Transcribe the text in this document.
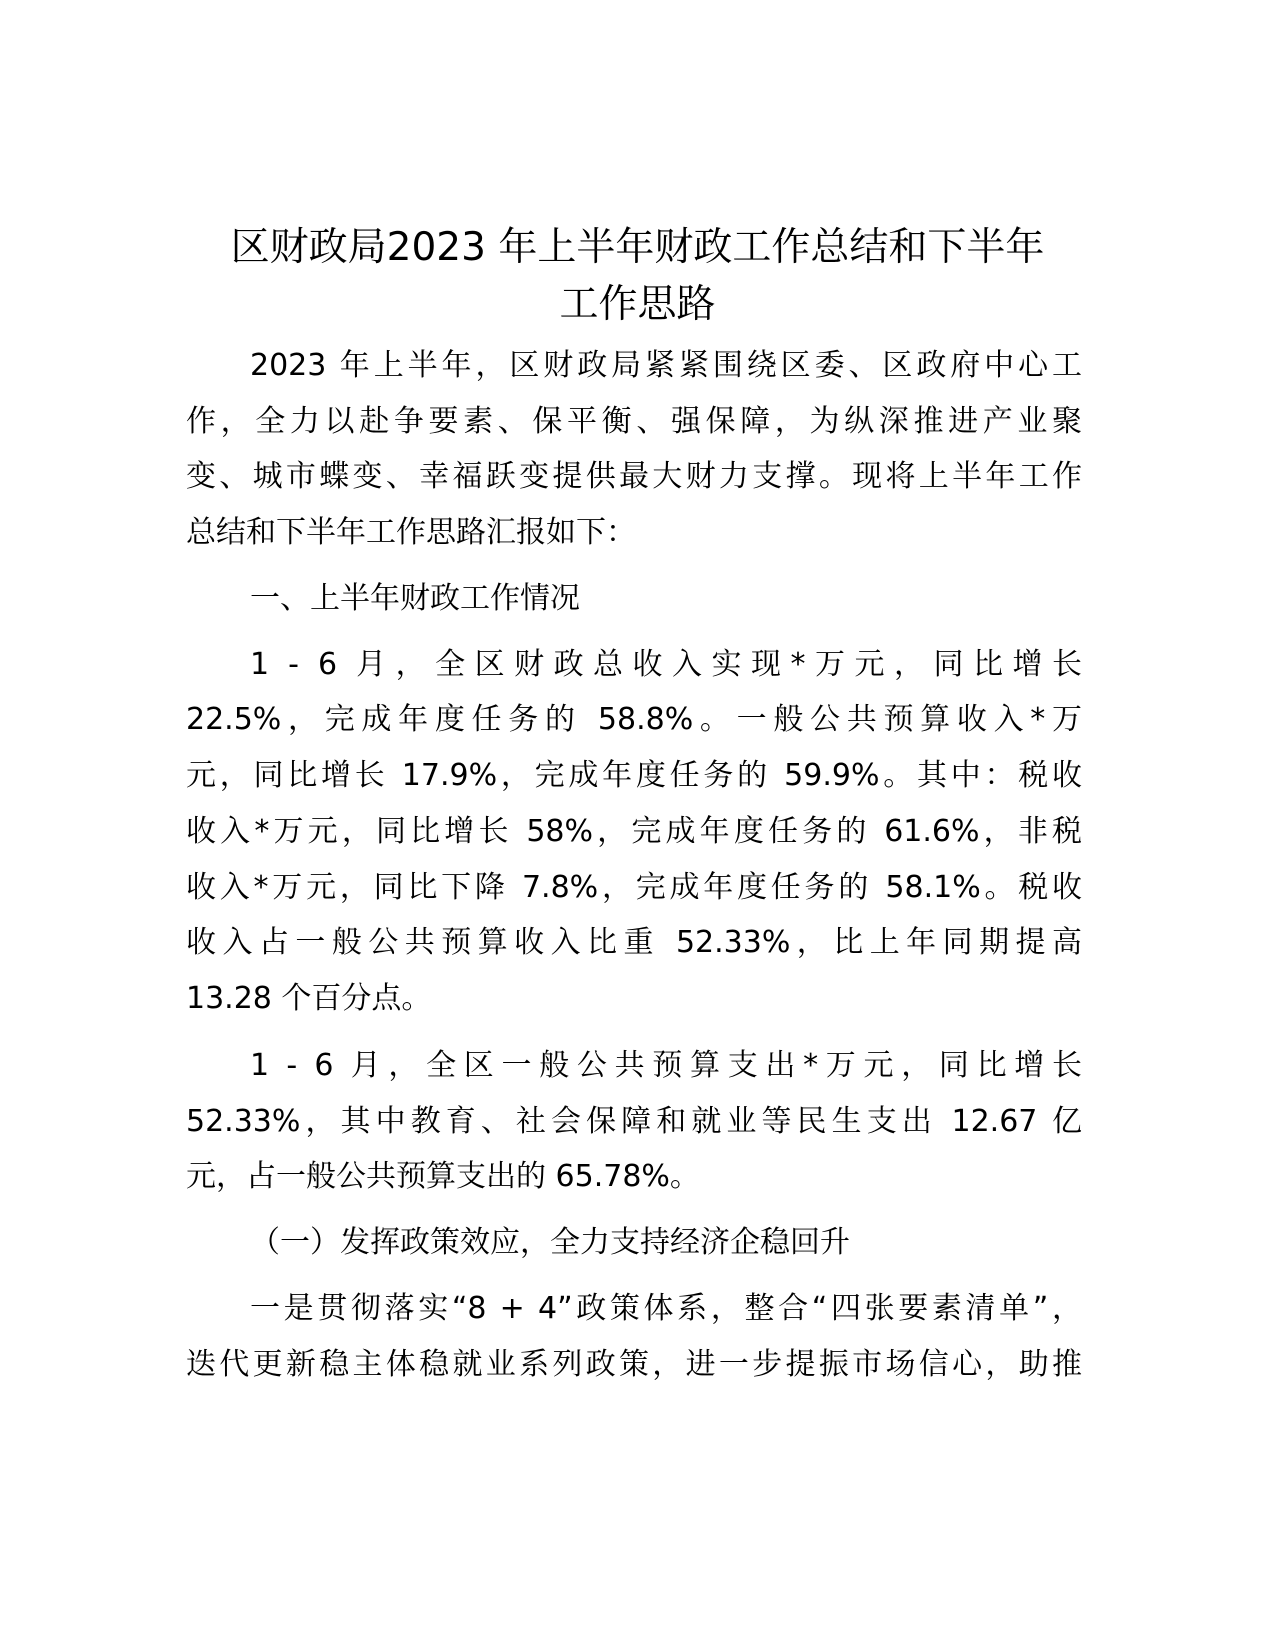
区财政局2023 年上半年财政工作总结和下半年
工作思路
2023 年上半年，区财政局紧紧围绕区委、区政府中心工
作，全力以赴争要素、保平衡、强保障，为纵深推进产业聚
变、城市蝶变、幸福跃变提供最大财力支撑。现将上半年工作
总结和下半年工作思路汇报如下：
一、上半年财政工作情况
1 - 6 月，全区财政总收入实现*万元，同比增长
22.5%，完成年度任务的 58.8%。一般公共预算收入*万
元，同比增长 17.9%，完成年度任务的 59.9%。其中：税收
收入*万元，同比增长 58%，完成年度任务的 61.6%，非税
收入*万元，同比下降 7.8%，完成年度任务的 58.1%。税收
收入占一般公共预算收入比重 52.33%，比上年同期提高
13.28 个百分点。
1 - 6 月，全区一般公共预算支出*万元，同比增长
52.33%，其中教育、社会保障和就业等民生支出 12.67 亿
元，占一般公共预算支出的 65.78%。
（一）发挥政策效应，全力支持经济企稳回升
一是贯彻落实“8 + 4”政策体系，整合“四张要素清单”，
迭代更新稳主体稳就业系列政策，进一步提振市场信心，助推
